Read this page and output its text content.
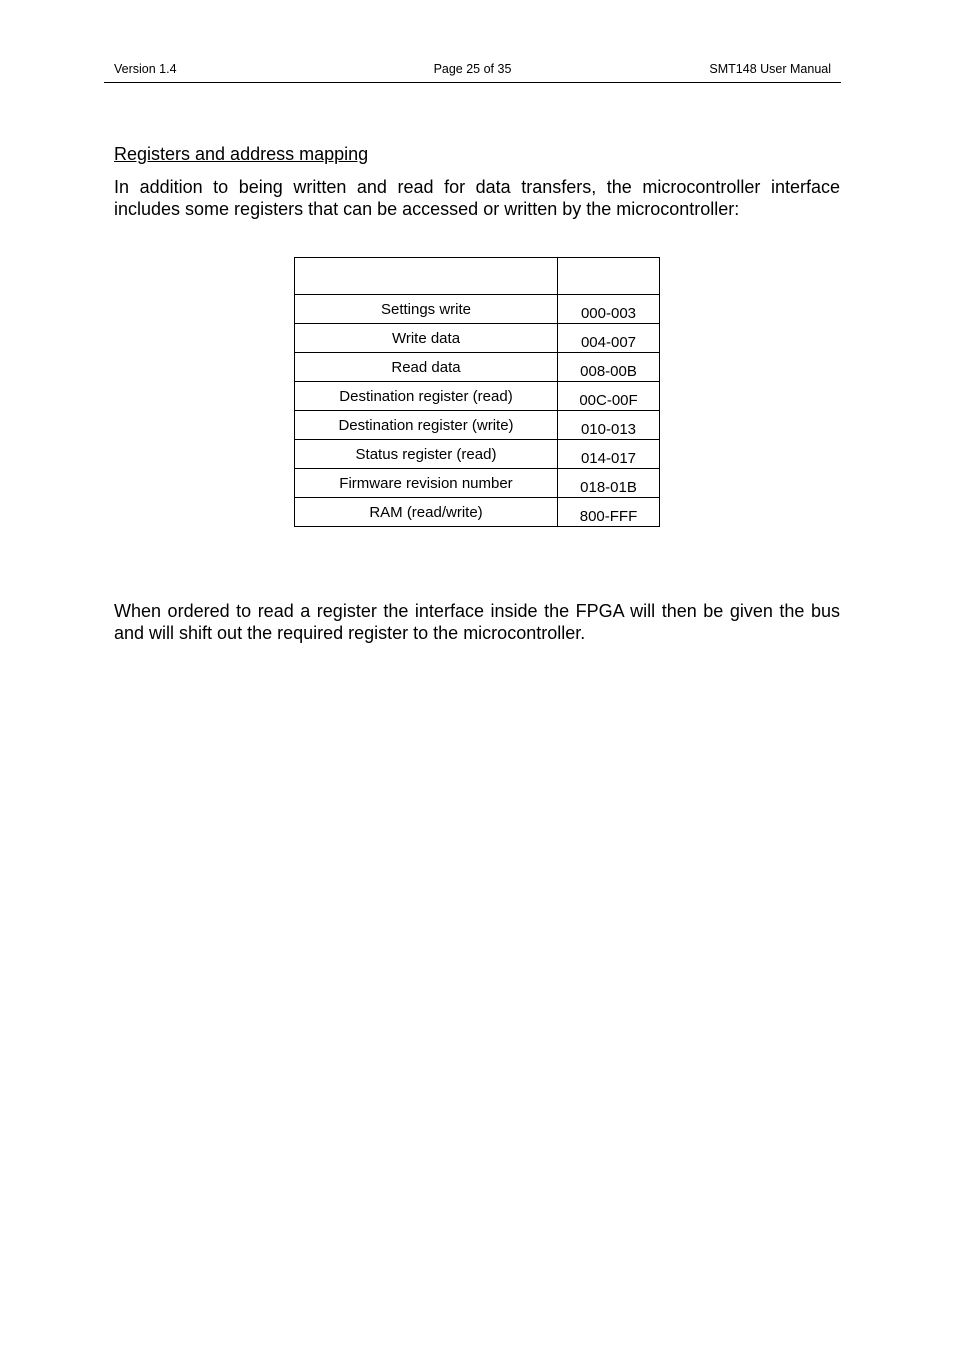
Version 1.4	Page 25 of 35	SMT148 User Manual
Registers and address mapping

In addition to being written and read for data transfers, the microcontroller interface includes some registers that can be accessed or written by the microcontroller:

Settings write	000-003
Write data	004-007
Read data	008-00B
Destination register (read)	00C-00F
Destination register (write)	010-013
Status register (read)	014-017
Firmware revision number	018-01B
RAM (read/write)	800-FFF

When ordered to read a register the interface inside the FPGA will then be given the bus and will shift out the required register to the microcontroller.
